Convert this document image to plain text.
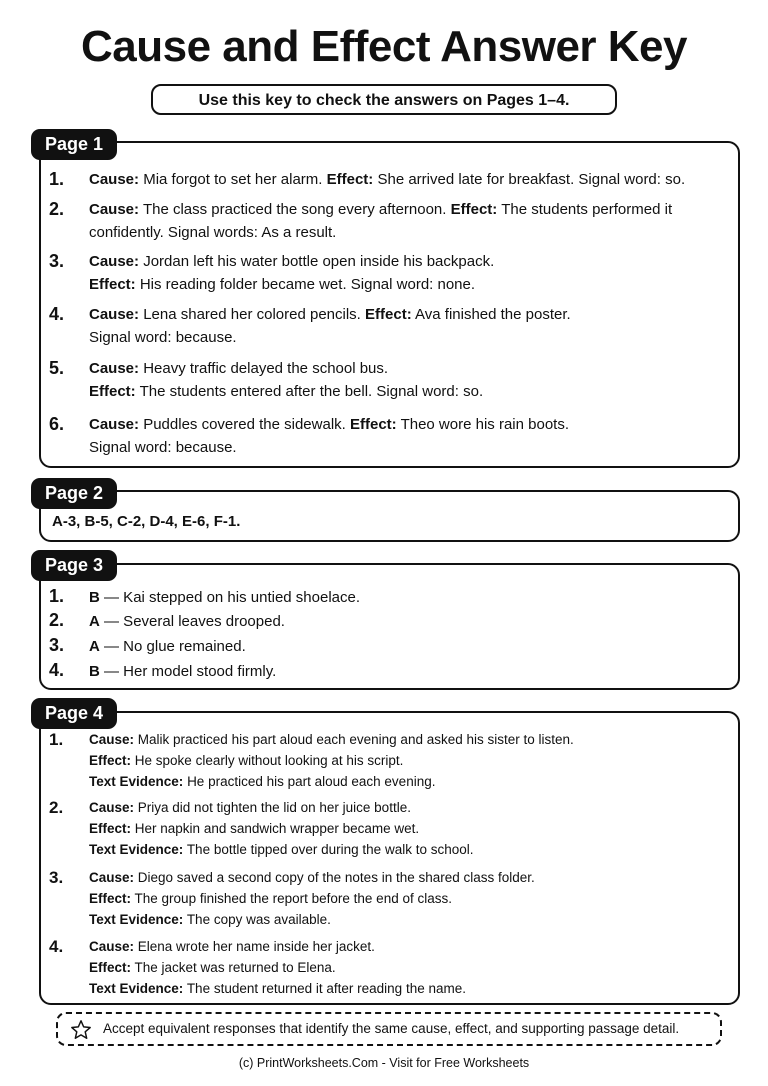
Cause and Effect Answer Key
Use this key to check the answers on Pages 1–4.
Page 1
1.	Cause: Mia forgot to set her alarm. Effect: She arrived late for breakfast. Signal word: so.
2.	Cause: The class practiced the song every afternoon. Effect: The students performed it confidently. Signal words: As a result.
3.	Cause: Jordan left his water bottle open inside his backpack.
Effect: His reading folder became wet. Signal word: none.
4.	Cause: Lena shared her colored pencils. Effect: Ava finished the poster.
Signal word: because.
5.	Cause: Heavy traffic delayed the school bus.
Effect: The students entered after the bell. Signal word: so.
6.	Cause: Puddles covered the sidewalk. Effect: Theo wore his rain boots.
Signal word: because.
Page 2
A-3, B-5, C-2, D-4, E-6, F-1.
Page 3
1. B — Kai stepped on his untied shoelace.
2. A — Several leaves drooped.
3. A — No glue remained.
4. B — Her model stood firmly.
Page 4
1.	Cause: Malik practiced his part aloud each evening and asked his sister to listen.
Effect: He spoke clearly without looking at his script.
Text Evidence: He practiced his part aloud each evening.
2.	Cause: Priya did not tighten the lid on her juice bottle.
Effect: Her napkin and sandwich wrapper became wet.
Text Evidence: The bottle tipped over during the walk to school.
3.	Cause: Diego saved a second copy of the notes in the shared class folder.
Effect: The group finished the report before the end of class.
Text Evidence: The copy was available.
4.	Cause: Elena wrote her name inside her jacket.
Effect: The jacket was returned to Elena.
Text Evidence: The student returned it after reading the name.
Accept equivalent responses that identify the same cause, effect, and supporting passage detail.
(c) PrintWorksheets.Com - Visit for Free Worksheets
